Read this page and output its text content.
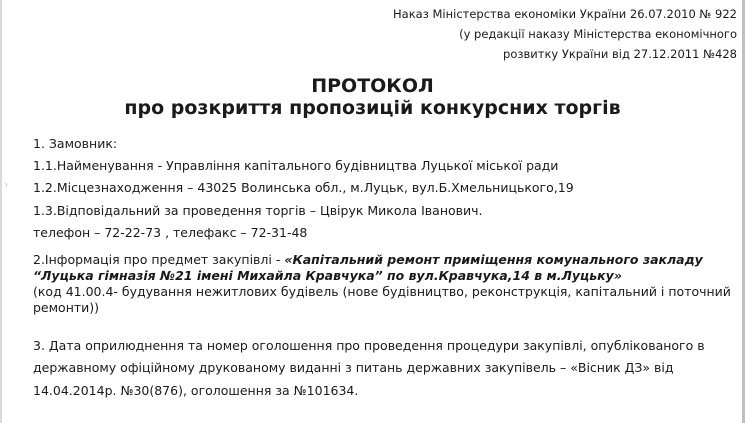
›
Наказ Міністерства економіки України 26.07.2010 № 922
(у редакції наказу Міністерства економічного
розвитку України від 27.12.2011 №428
ПРОТОКОЛ
про розкриття пропозицій конкурсних торгів
1. Замовник:
1.1.Найменування - Управління капітального будівництва Луцької міської ради
1.2.Місцезнаходження – 43025 Волинська обл., м.Луцьк, вул.Б.Хмельницького,19
1.3.Відповідальний за проведення торгів – Цвірук Микола Іванович.
телефон – 72-22-73 , телефакс – 72-31-48
2.Інформація про предмет закупівлі - «Капітальний ремонт приміщення комунального закладу
“Луцька гімназія №21 імені Михайла Кравчука” по вул.Кравчука,14 в м.Луцьку»
(код 41.00.4- будування нежитлових будівель (нове будівництво, реконструкція, капітальний і поточний
ремонти))
3. Дата оприлюднення та номер оголошення про проведення процедури закупівлі, опублікованого в
державному офіційному друкованому виданні з питань державних закупівель – «Вісник ДЗ» від
14.04.2014р. №30(876), оголошення за №101634.
